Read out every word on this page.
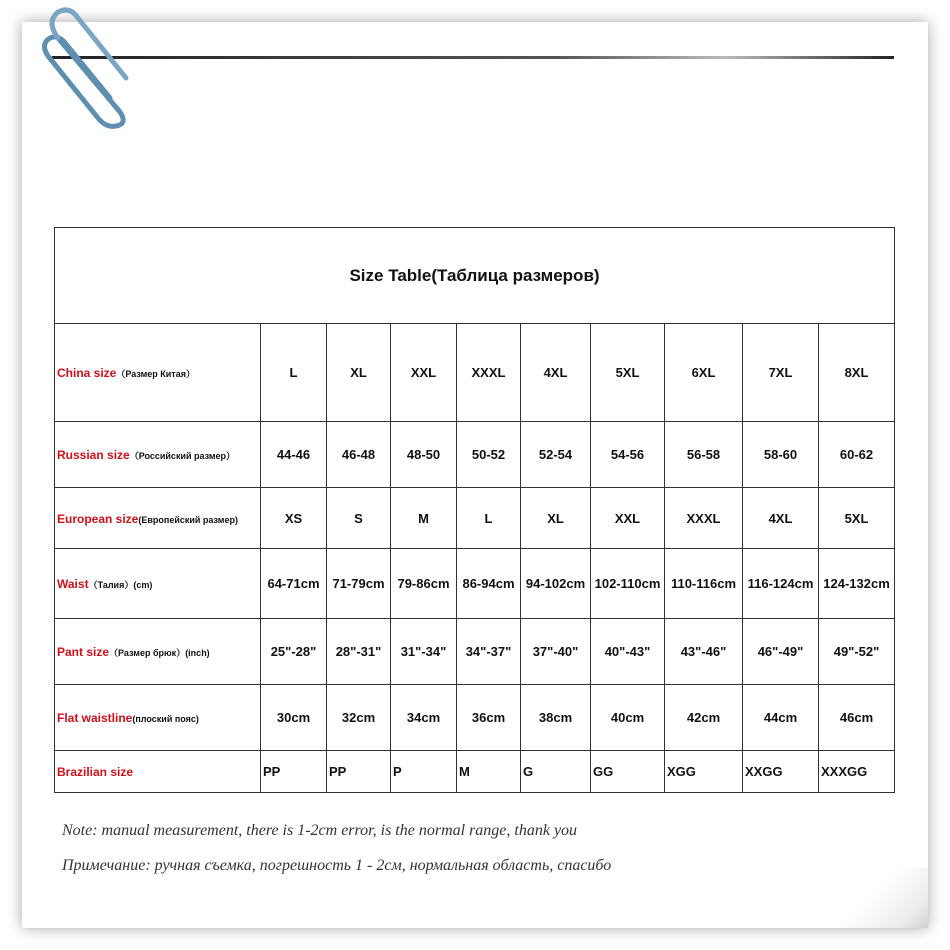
Size Table(Таблица размеров)									
China size（Размер Китая）	L	XL	XXL	XXXL	4XL	5XL	6XL	7XL	8XL
Russian size（Российский размер）	44-46	46-48	48-50	50-52	52-54	54-56	56-58	58-60	60-62
European size(Европейский размер)	XS	S	M	L	XL	XXL	XXXL	4XL	5XL
Waist（Талия）(cm)	64-71cm	71-79cm	79-86cm	86-94cm	94-102cm	102-110cm	110-116cm	116-124cm	124-132cm
Pant size（Размер брюк）(inch)	25"-28"	28"-31"	31"-34"	34"-37"	37"-40"	40"-43"	43"-46"	46"-49"	49"-52"
Flat waistline(плоский пояс)	30cm	32cm	34cm	36cm	38cm	40cm	42cm	44cm	46cm
Brazilian size	PP	PP	P	M	G	GG	XGG	XXGG	XXXGG
Note: manual measurement, there is 1-2cm error, is the normal range, thank you
Примечание: ручная съемка, погрешность 1 - 2см, нормальная область, спасибо
